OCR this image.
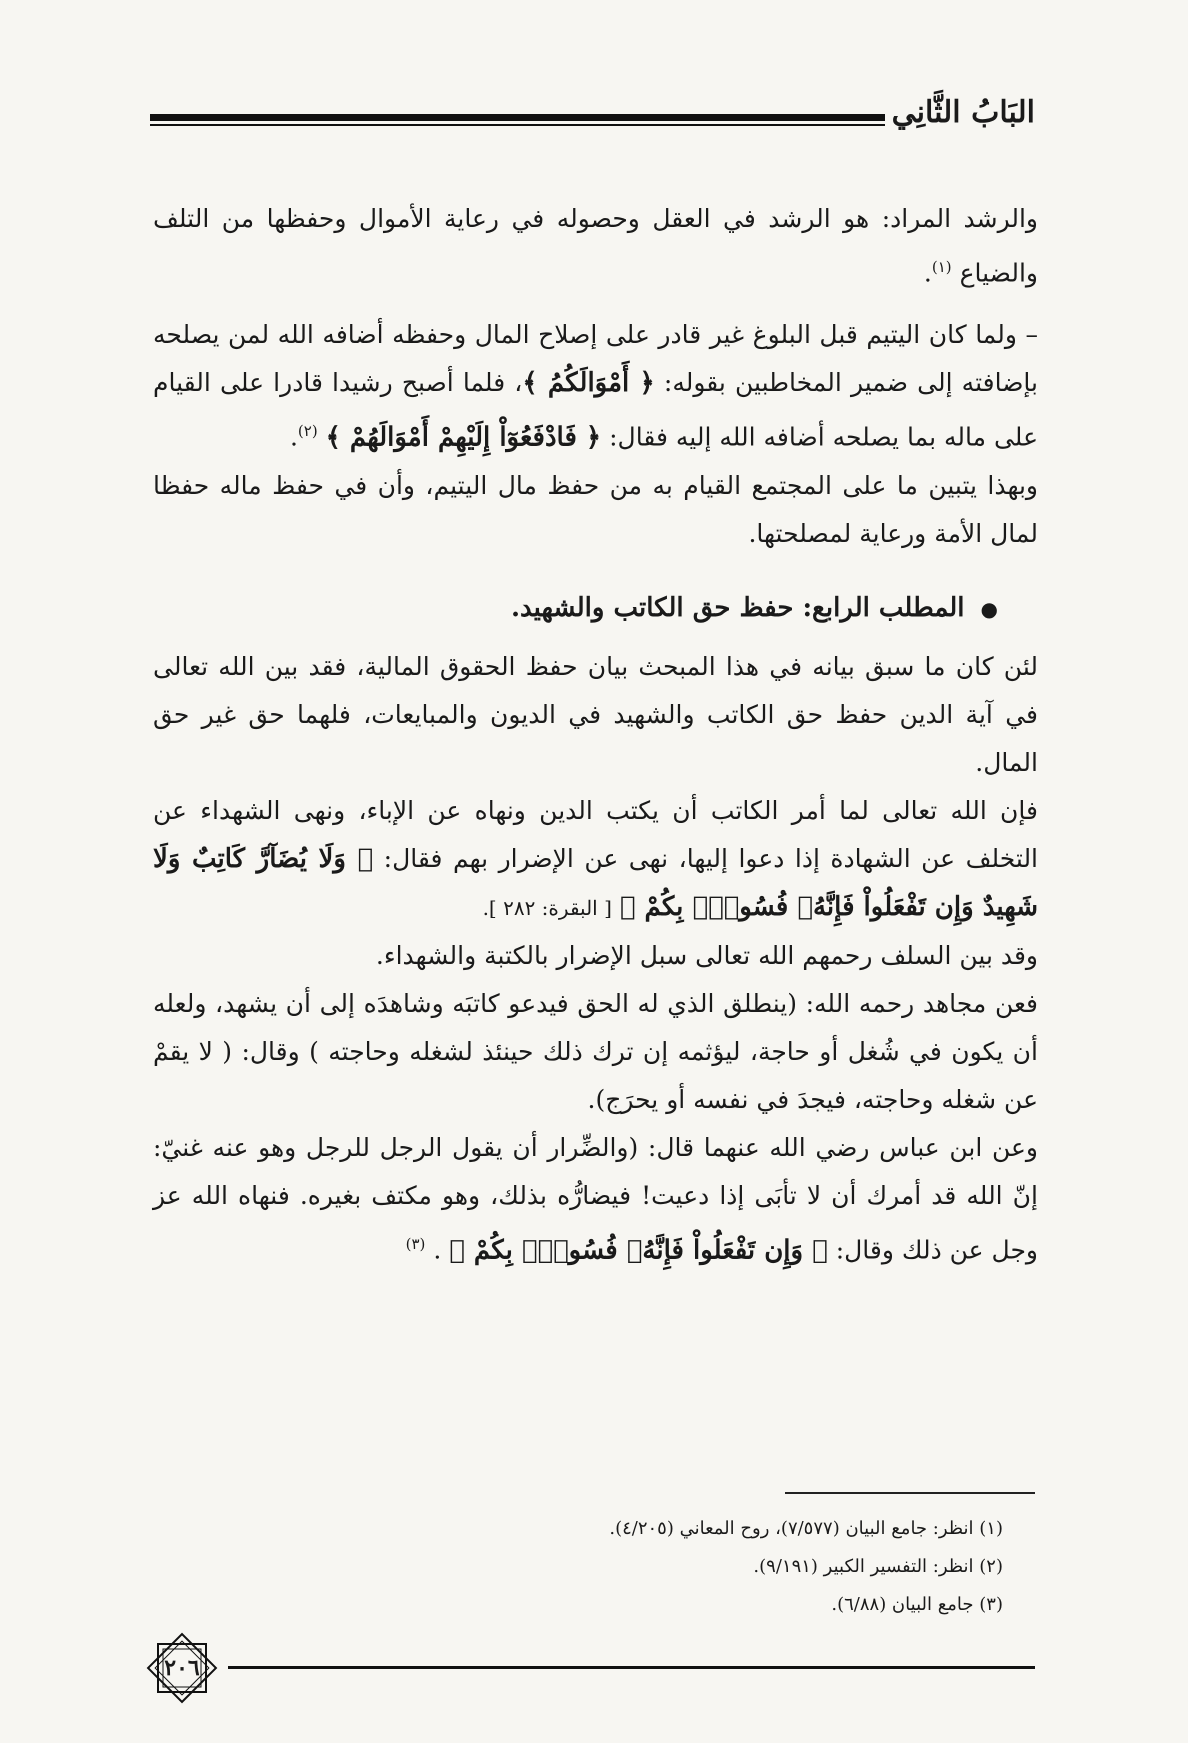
البَابُ الثَّانِي

والرشد المراد: هو الرشد في العقل وحصوله في رعاية الأموال وحفظها من التلف والضياع $^{(١)}$.

– ولما كان اليتيم قبل البلوغ غير قادر على إصلاح المال وحفظه أضافه الله لمن يصلحه بإضافته إلى ضمير المخاطبين بقوله: ﴿ أَمْوَالَكُمُ ﴾، فلما أصبح رشيدا قادرا على القيام على ماله بما يصلحه أضافه الله إليه فقال: ﴿ فَادْفَعُوٓاْ إِلَيْهِمْ أَمْوَالَهُمْ ﴾ $^{(٢)}$.

وبهذا يتبين ما على المجتمع القيام به من حفظ مال اليتيم، وأن في حفظ ماله حفظا لمال الأمة ورعاية لمصلحتها.

●المطلب الرابع: حفظ حق الكاتب والشهيد.

لئن كان ما سبق بيانه في هذا المبحث بيان حفظ الحقوق المالية، فقد بين الله تعالى في آية الدين حفظ حق الكاتب والشهيد في الديون والمبايعات، فلهما حق غير حق المال.

فإن الله تعالى لما أمر الكاتب أن يكتب الدين ونهاه عن الإباء، ونهى الشهداء عن التخلف عن الشهادة إذا دعوا إليها، نهى عن الإضرار بهم فقال: ﴿ وَلَا يُضَآرَّ كَاتِبٌ وَلَا شَهِيدٌ وَإِن تَفْعَلُواْ فَإِنَّهُۥ فُسُوقٌۢ بِكُمْ ﴾ [ البقرة: ٢٨٢ ].

وقد بين السلف رحمهم الله تعالى سبل الإضرار بالكتبة والشهداء.

فعن مجاهد رحمه الله: (ينطلق الذي له الحق فيدعو كاتبَه وشاهدَه إلى أن يشهد، ولعله أن يكون في شُغل أو حاجة، ليؤثمه إن ترك ذلك حينئذ لشغله وحاجته ) وقال: ( لا يقمْ عن شغله وحاجته، فيجدَ في نفسه أو يحرَج).

وعن ابن عباس رضي الله عنهما قال: (والضِّرار أن يقول الرجل للرجل وهو عنه غنيّ: إنّ الله قد أمرك أن لا تأبَى إذا دعيت! فيضارُّه بذلك، وهو مكتف بغيره. فنهاه الله عز وجل عن ذلك وقال: ﴿ وَإِن تَفْعَلُواْ فَإِنَّهُۥ فُسُوقٌۢ بِكُمْ ﴾ . $^{(٣)}$

(١) انظر: جامع البيان (٧/٥٧٧)، روح المعاني (٤/٢٠٥).
(٢) انظر: التفسير الكبير (٩/١٩١).
(٣) جامع البيان (٦/٨٨).
٢٠٦
